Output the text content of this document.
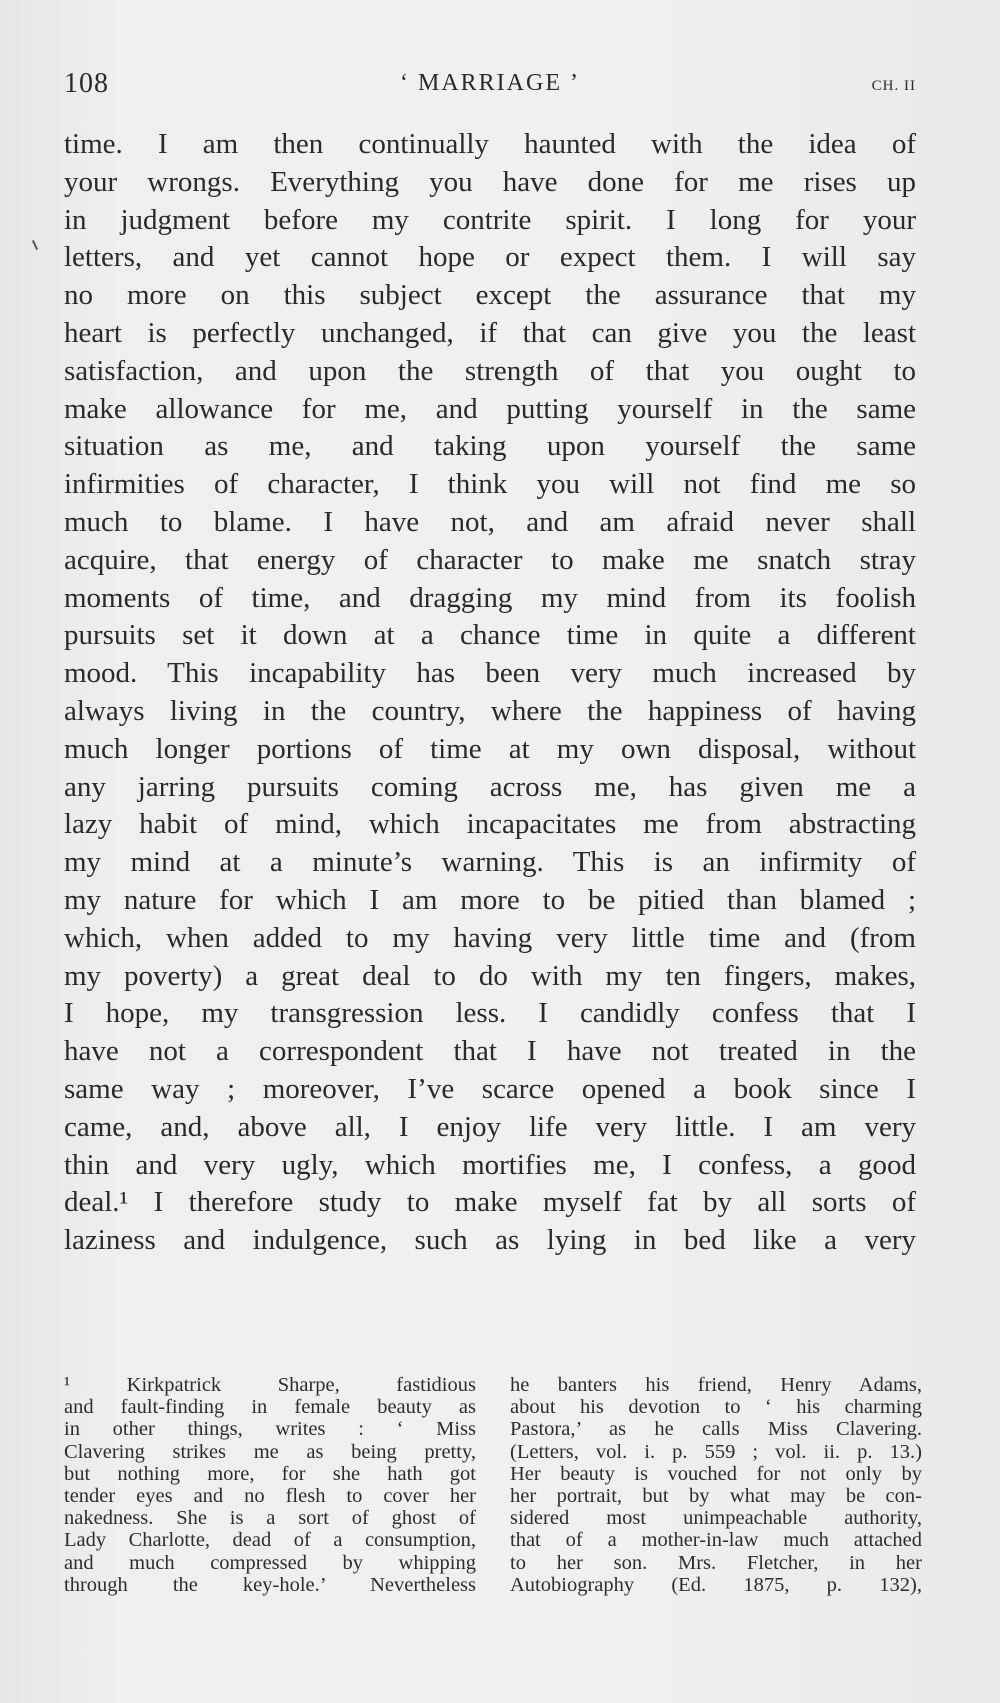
108	‘ MARRIAGE ’	CH. II
time. I am then continually haunted with the idea of
your wrongs. Everything you have done for me rises up
in judgment before my contrite spirit. I long for your
letters, and yet cannot hope or expect them. I will say
no more on this subject except the assurance that my
heart is perfectly unchanged, if that can give you the least
satisfaction, and upon the strength of that you ought to
make allowance for me, and putting yourself in the same
situation as me, and taking upon yourself the same
infirmities of character, I think you will not find me so
much to blame. I have not, and am afraid never shall
acquire, that energy of character to make me snatch stray
moments of time, and dragging my mind from its foolish
pursuits set it down at a chance time in quite a different
mood. This incapability has been very much increased by
always living in the country, where the happiness of having
much longer portions of time at my own disposal, without
any jarring pursuits coming across me, has given me a
lazy habit of mind, which incapacitates me from abstracting
my mind at a minute’s warning. This is an infirmity of
my nature for which I am more to be pitied than blamed ;
which, when added to my having very little time and (from
my poverty) a great deal to do with my ten fingers, makes,
I hope, my transgression less. I candidly confess that I
have not a correspondent that I have not treated in the
same way ; moreover, I’ve scarce opened a book since I
came, and, above all, I enjoy life very little. I am very
thin and very ugly, which mortifies me, I confess, a good
deal.¹ I therefore study to make myself fat by all sorts of
laziness and indulgence, such as lying in bed like a very
¹ Kirkpatrick Sharpe, fastidious
and fault-finding in female beauty as
in other things, writes : ‘ Miss
Clavering strikes me as being pretty,
but nothing more, for she hath got
tender eyes and no flesh to cover her
nakedness. She is a sort of ghost of
Lady Charlotte, dead of a consumption,
and much compressed by whipping
through the key-hole.’ Nevertheless
he banters his friend, Henry Adams,
about his devotion to ‘ his charming
Pastora,’ as he calls Miss Clavering.
(Letters, vol. i. p. 559 ; vol. ii. p. 13.)
Her beauty is vouched for not only by
her portrait, but by what may be con-
sidered most unimpeachable authority,
that of a mother-in-law much attached
to her son. Mrs. Fletcher, in her
Autobiography (Ed. 1875, p. 132),
